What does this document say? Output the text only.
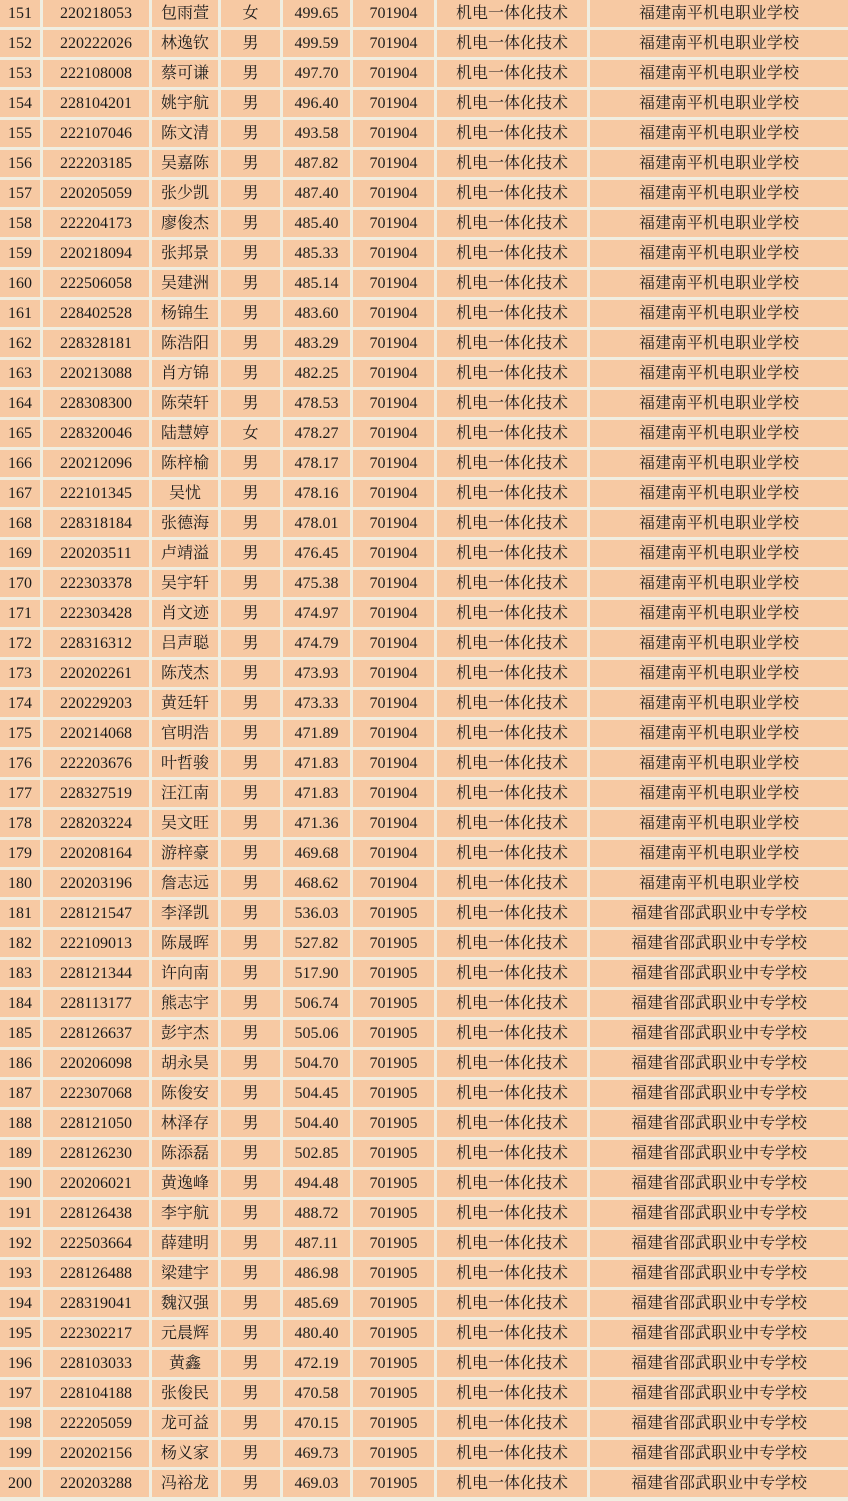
151	220218053	包雨萱	女	499.65	701904	机电一体化技术	福建南平机电职业学校
152	220222026	林逸钦	男	499.59	701904	机电一体化技术	福建南平机电职业学校
153	222108008	蔡可谦	男	497.70	701904	机电一体化技术	福建南平机电职业学校
154	228104201	姚宇航	男	496.40	701904	机电一体化技术	福建南平机电职业学校
155	222107046	陈文清	男	493.58	701904	机电一体化技术	福建南平机电职业学校
156	222203185	吴嘉陈	男	487.82	701904	机电一体化技术	福建南平机电职业学校
157	220205059	张少凯	男	487.40	701904	机电一体化技术	福建南平机电职业学校
158	222204173	廖俊杰	男	485.40	701904	机电一体化技术	福建南平机电职业学校
159	220218094	张邦景	男	485.33	701904	机电一体化技术	福建南平机电职业学校
160	222506058	吴建洲	男	485.14	701904	机电一体化技术	福建南平机电职业学校
161	228402528	杨锦生	男	483.60	701904	机电一体化技术	福建南平机电职业学校
162	228328181	陈浩阳	男	483.29	701904	机电一体化技术	福建南平机电职业学校
163	220213088	肖方锦	男	482.25	701904	机电一体化技术	福建南平机电职业学校
164	228308300	陈荣轩	男	478.53	701904	机电一体化技术	福建南平机电职业学校
165	228320046	陆慧婷	女	478.27	701904	机电一体化技术	福建南平机电职业学校
166	220212096	陈梓榆	男	478.17	701904	机电一体化技术	福建南平机电职业学校
167	222101345	吴忧	男	478.16	701904	机电一体化技术	福建南平机电职业学校
168	228318184	张德海	男	478.01	701904	机电一体化技术	福建南平机电职业学校
169	220203511	卢靖溢	男	476.45	701904	机电一体化技术	福建南平机电职业学校
170	222303378	吴宇轩	男	475.38	701904	机电一体化技术	福建南平机电职业学校
171	222303428	肖文迹	男	474.97	701904	机电一体化技术	福建南平机电职业学校
172	228316312	吕声聪	男	474.79	701904	机电一体化技术	福建南平机电职业学校
173	220202261	陈茂杰	男	473.93	701904	机电一体化技术	福建南平机电职业学校
174	220229203	黄廷轩	男	473.33	701904	机电一体化技术	福建南平机电职业学校
175	220214068	官明浩	男	471.89	701904	机电一体化技术	福建南平机电职业学校
176	222203676	叶哲骏	男	471.83	701904	机电一体化技术	福建南平机电职业学校
177	228327519	汪江南	男	471.83	701904	机电一体化技术	福建南平机电职业学校
178	228203224	吴文旺	男	471.36	701904	机电一体化技术	福建南平机电职业学校
179	220208164	游梓豪	男	469.68	701904	机电一体化技术	福建南平机电职业学校
180	220203196	詹志远	男	468.62	701904	机电一体化技术	福建南平机电职业学校
181	228121547	李泽凯	男	536.03	701905	机电一体化技术	福建省邵武职业中专学校
182	222109013	陈晟晖	男	527.82	701905	机电一体化技术	福建省邵武职业中专学校
183	228121344	许向南	男	517.90	701905	机电一体化技术	福建省邵武职业中专学校
184	228113177	熊志宇	男	506.74	701905	机电一体化技术	福建省邵武职业中专学校
185	228126637	彭宇杰	男	505.06	701905	机电一体化技术	福建省邵武职业中专学校
186	220206098	胡永昊	男	504.70	701905	机电一体化技术	福建省邵武职业中专学校
187	222307068	陈俊安	男	504.45	701905	机电一体化技术	福建省邵武职业中专学校
188	228121050	林泽存	男	504.40	701905	机电一体化技术	福建省邵武职业中专学校
189	228126230	陈添磊	男	502.85	701905	机电一体化技术	福建省邵武职业中专学校
190	220206021	黄逸峰	男	494.48	701905	机电一体化技术	福建省邵武职业中专学校
191	228126438	李宇航	男	488.72	701905	机电一体化技术	福建省邵武职业中专学校
192	222503664	薛建明	男	487.11	701905	机电一体化技术	福建省邵武职业中专学校
193	228126488	梁建宇	男	486.98	701905	机电一体化技术	福建省邵武职业中专学校
194	228319041	魏汉强	男	485.69	701905	机电一体化技术	福建省邵武职业中专学校
195	222302217	元晨辉	男	480.40	701905	机电一体化技术	福建省邵武职业中专学校
196	228103033	黄鑫	男	472.19	701905	机电一体化技术	福建省邵武职业中专学校
197	228104188	张俊民	男	470.58	701905	机电一体化技术	福建省邵武职业中专学校
198	222205059	龙可益	男	470.15	701905	机电一体化技术	福建省邵武职业中专学校
199	220202156	杨义家	男	469.73	701905	机电一体化技术	福建省邵武职业中专学校
200	220203288	冯裕龙	男	469.03	701905	机电一体化技术	福建省邵武职业中专学校
